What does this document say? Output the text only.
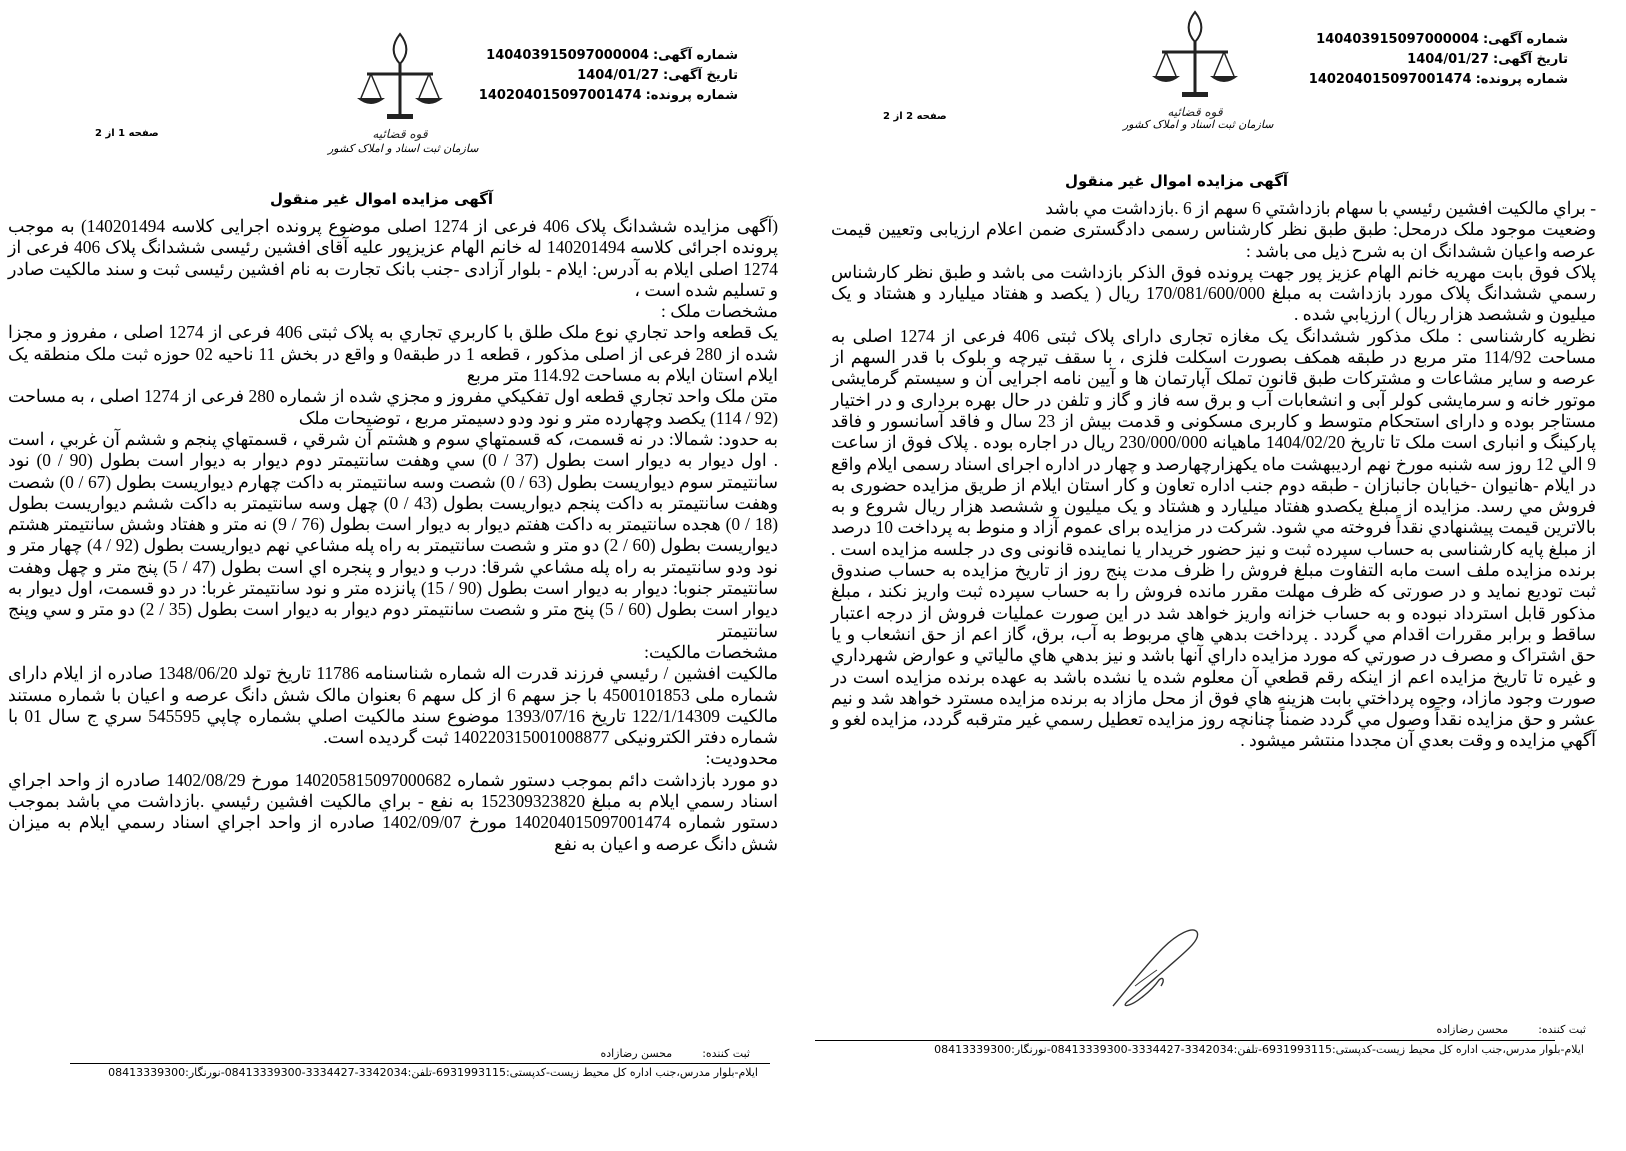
شماره آگهی:140403915097000004
تاریخ آگهی:1404/01/27
شماره پرونده:140204015097001474
قوه قضائیه
سازمان ثبت اسناد و املاک کشور
صفحه 1 از 2
آگهی مزایده اموال غیر منقول

(آگهی مزایده ششدانگ پلاک 406 فرعی از 1274 اصلی موضوع پرونده اجرایی کلاسه 140201494) به موجب پرونده اجرائی کلاسه 140201494 له خانم الهام عزیزپور علیه آقای افشین رئیسی ششدانگ پلاک 406 فرعی از 1274 اصلی ایلام به آدرس: ایلام - بلوار آزادی -جنب بانک تجارت به نام افشین رئیسی ثبت و سند مالکیت صادر و تسلیم شده است ،

مشخصات ملک :

یک قطعه واحد تجاري نوع ملک طلق با کاربري تجاري به پلاک ثبتی 406 فرعی از 1274 اصلی ، مفروز و مجزا شده از 280 فرعی از اصلی مذکور ، قطعه 1 در طبقه0 و واقع در بخش 11 ناحیه 02 حوزه ثبت ملک منطقه یک ایلام استان ایلام به مساحت 114.92 متر مربع

متن ملک واحد تجاري قطعه اول تفکیکي مفروز و مجزي شده از شماره 280 فرعی از 1274 اصلی ، به مساحت (92 / 114) یکصد وچهارده متر و نود ودو دسیمتر مربع ، توضیحات ملک

به حدود: شمالا: در نه قسمت، که قسمتهاي سوم و هشتم آن شرقي ، قسمتهاي پنجم و ششم آن غربي ، است . اول دیوار به دیوار است بطول (37 / 0) سي وهفت سانتیمتر دوم دیوار به دیوار است بطول (90 / 0) نود سانتیمتر سوم دیواریست بطول (63 / 0) شصت وسه سانتیمتر به داکت چهارم دیواریست بطول (67 / 0) شصت وهفت سانتیمتر به داکت پنجم دیواریست بطول (43 / 0) چهل وسه سانتیمتر به داکت ششم دیواریست بطول (18 / 0) هجده سانتیمتر به داکت هفتم دیوار به دیوار است بطول (76 / 9) نه متر و هفتاد وشش سانتیمتر هشتم دیواریست بطول (60 / 2) دو متر و شصت سانتیمتر به راه پله مشاعي نهم دیواریست بطول (92 / 4) چهار متر و نود ودو سانتیمتر به راه پله مشاعي شرقا: درب و دیوار و پنجره اي است بطول (47 / 5) پنج متر و چهل وهفت سانتیمتر جنوبا: دیوار به دیوار است بطول (90 / 15) پانزده متر و نود سانتیمتر غربا: در دو قسمت، اول دیوار به دیوار است بطول (60 / 5) پنج متر و شصت سانتیمتر دوم دیوار به دیوار است بطول (35 / 2) دو متر و سي وپنج سانتیمتر

مشخصات مالکیت:

مالکیت افشین / رئیسي فرزند قدرت اله شماره شناسنامه 11786 تاریخ تولد 1348/06/20 صادره از ایلام دارای شماره ملی 4500101853 با جز سهم 6 از کل سهم 6 بعنوان مالک شش دانگ عرصه و اعیان با شماره مستند مالکیت 122/1/14309 تاریخ 1393/07/16 موضوع سند مالکیت اصلي بشماره چاپي 545595 سري ج سال 01 با شماره دفتر الکترونیکی 140220315001008877 ثبت گردیده است.

محدودیت:

دو مورد بازداشت دائم بموجب دستور شماره 140205815097000682 مورخ 1402/08/29 صادره از واحد اجراي اسناد رسمي ایلام به مبلغ 152309323820 به نفع - براي مالکیت افشین رئیسي .بازداشت مي باشد بموجب دستور شماره 140204015097001474 مورخ 1402/09/07 صادره از واحد اجراي اسناد رسمي ایلام به میزان شش دانگ عرصه و اعیان به نفع

ثبت کننده:محسن رضازاده
ایلام-بلوار مدرس،جنب اداره کل محیط زیست-کدپستی:6931993115-تلفن:3342034-3334427-08413339300-نورنگار:08413339300
شماره آگهی:140403915097000004
تاریخ آگهی:1404/01/27
شماره پرونده:140204015097001474
قوه قضائیه
سازمان ثبت اسناد و املاک کشور
صفحه 2 از 2
آگهی مزایده اموال غیر منقول

- براي مالکیت افشین رئیسي با سهام بازداشتي 6 سهم از 6 .بازداشت مي باشد

وضعیت موجود ملک درمحل: طبق طبق نظر کارشناس رسمی دادگستری ضمن اعلام ارزیابی وتعیین قیمت عرصه واعیان ششدانگ ان به شرح ذیل می باشد :

پلاک فوق بابت مهریه خانم الهام عزیز پور جهت پرونده فوق الذکر بازداشت می باشد و طبق نظر کارشناس رسمي ششدانگ پلاک مورد بازداشت به مبلغ 170/081/600/000 ریال ( یکصد و هفتاد میلیارد و هشتاد و یک میلیون و ششصد هزار ریال ) ارزیابي شده .

نظریه کارشناسی : ملک مذکور ششدانگ یک مغازه تجاری دارای پلاک ثبتی 406 فرعی از 1274 اصلی به مساحت 114/92 متر مربع در طبقه همکف بصورت اسکلت فلزی ، با سقف تیرچه و بلوک با قدر السهم از عرصه و سایر مشاعات و مشترکات طبق قانون تملک آپارتمان ها و آیین نامه اجرایی آن و سیستم گرمایشی موتور خانه و سرمایشی کولر آبی و انشعابات آب و برق سه فاز و گاز و تلفن در حال بهره برداری و در اختیار مستاجر بوده و دارای استحکام متوسط و کاربری مسکونی و قدمت بیش از 23 سال و فاقد آسانسور و فاقد پارکینگ و انباری است ملک تا تاریخ 1404/02/20 ماهیانه 230/000/000 ریال در اجاره بوده . پلاک فوق از ساعت 9 الي 12 روز سه شنبه مورخ نهم اردیبهشت ماه یکهزارچهارصد و چهار در اداره اجرای اسناد رسمی ایلام واقع در ایلام -هانیوان -خیابان جانبازان - طبقه دوم جنب اداره تعاون و کار استان ایلام از طریق مزایده حضوری به فروش مي رسد. مزایده از مبلغ یکصدو هفتاد میلیارد و هشتاد و یک میلیون و ششصد هزار ریال شروع و به بالاترین قیمت پیشنهادي نقداً فروخته مي شود. شرکت در مزایده برای عموم آزاد و منوط به پرداخت 10 درصد از مبلغ پایه کارشناسی به حساب سپرده ثبت و نیز حضور خریدار یا نماینده قانونی وی در جلسه مزایده است . برنده مزایده ملف است مابه التفاوت مبلغ فروش را ظرف مدت پنج روز از تاریخ مزایده به حساب صندوق ثبت تودیع نماید و در صورتی که ظرف مهلت مقرر مانده فروش را به حساب سپرده ثبت واریز نکند ، مبلغ مذکور قابل استرداد نبوده و به حساب خزانه واریز خواهد شد در این صورت عملیات فروش از درجه اعتبار ساقط و برابر مقررات اقدام مي گردد . پرداخت بدهي هاي مربوط به آب، برق، گاز اعم از حق انشعاب و یا حق اشتراک و مصرف در صورتي که مورد مزایده داراي آنها باشد و نیز بدهي هاي مالیاتي و عوارض شهرداري و غیره تا تاریخ مزایده اعم از اینکه رقم قطعي آن معلوم شده یا نشده باشد به عهده برنده مزایده است در صورت وجود مازاد، وجوه پرداختي بابت هزینه هاي فوق از محل مازاد به برنده مزایده مسترد خواهد شد و نیم عشر و حق مزایده نقداً وصول مي گردد ضمناً چنانچه روز مزایده تعطیل رسمي غیر مترقبه گردد، مزایده لغو و آگهي مزایده و وقت بعدي آن مجددا منتشر میشود .

ثبت کننده:محسن رضازاده
ایلام-بلوار مدرس،جنب اداره کل محیط زیست-کدپستی:6931993115-تلفن:3342034-3334427-08413339300-نورنگار:08413339300
